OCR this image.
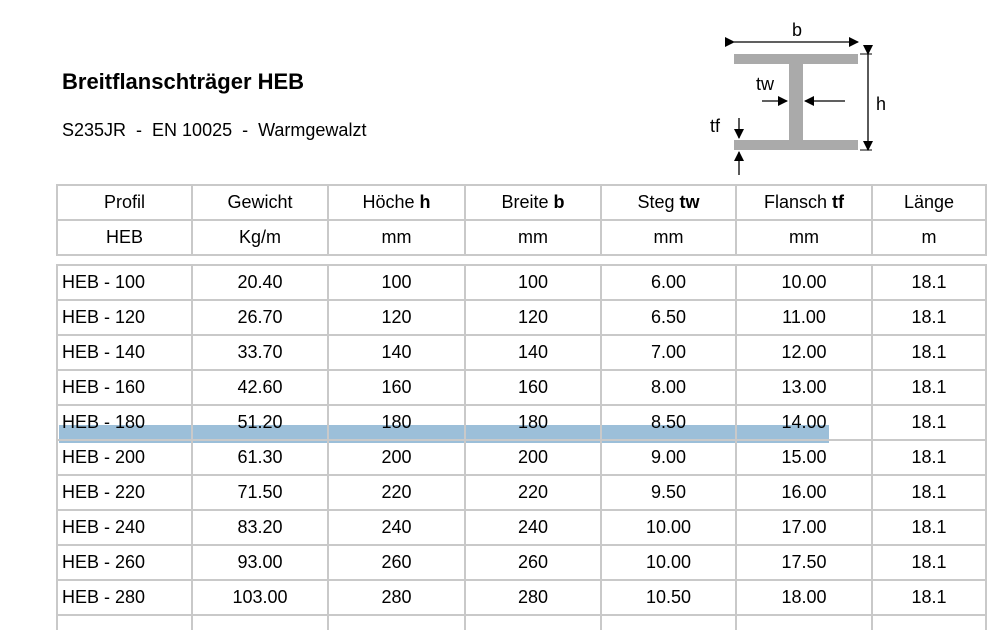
Breitflanschträger HEB
S235JR  -  EN 10025  -  Warmgewalzt
b
h
tw
tf
Profil	Gewicht	Höche h	Breite b	Steg tw	Flansch tf	Länge
HEB	Kg/m	mm	mm	mm	mm	m
HEB - 100	20.40	100	100	6.00	10.00	18.1
HEB - 120	26.70	120	120	6.50	11.00	18.1
HEB - 140	33.70	140	140	7.00	12.00	18.1
HEB - 160	42.60	160	160	8.00	13.00	18.1
HEB - 180	51.20	180	180	8.50	14.00	18.1
HEB - 200	61.30	200	200	9.00	15.00	18.1
HEB - 220	71.50	220	220	9.50	16.00	18.1
HEB - 240	83.20	240	240	10.00	17.00	18.1
HEB - 260	93.00	260	260	10.00	17.50	18.1
HEB - 280	103.00	280	280	10.50	18.00	18.1
